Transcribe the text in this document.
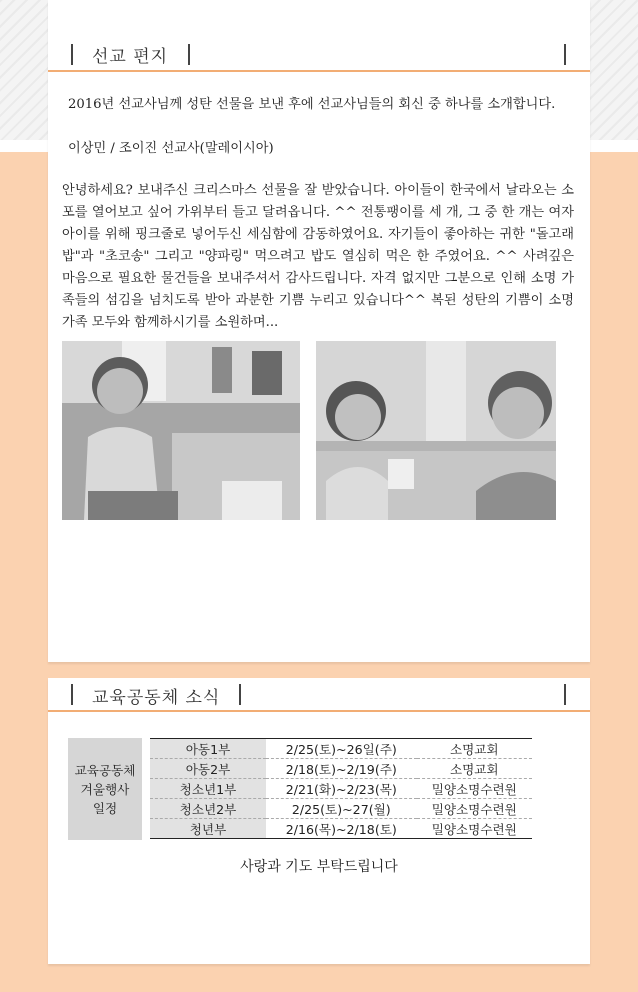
선교 편지
2016년 선교사님께 성탄 선물을 보낸 후에 선교사님들의 회신 중 하나를 소개합니다.
이상민 / 조이진 선교사(말레이시아)
안녕하세요? 보내주신 크리스마스 선물을 잘 받았습니다. 아이들이 한국에서 날라오는 소포를 열어보고 싶어 가위부터 들고 달려옵니다. ^^ 전통팽이를 세 개, 그 중 한 개는 여자아이를 위해 핑크줄로 넣어두신 세심함에 감동하였어요. 자기들이 좋아하는 귀한 "돌고래밥"과 "초코송" 그리고 "양파링" 먹으려고 밥도 열심히 먹은 한 주였어요. ^^ 사려깊은 마음으로 필요한 물건들을 보내주셔서 감사드립니다. 자격 없지만 그분으로 인해 소명 가족들의 섬김을 넘치도록 받아 과분한 기쁨 누리고 있습니다^^ 복된 성탄의 기쁨이 소명 가족 모두와 함께하시기를 소원하며...
교육공동체 소식
교육공동체
겨울행사
일정
아동1부	2/25(토)~26일(주)	소명교회
아동2부	2/18(토)~2/19(주)	소명교회
청소년1부	2/21(화)~2/23(목)	밀양소명수련원
청소년2부	2/25(토)~27(월)	밀양소명수련원
청년부	2/16(목)~2/18(토)	밀양소명수련원
사랑과 기도 부탁드립니다
